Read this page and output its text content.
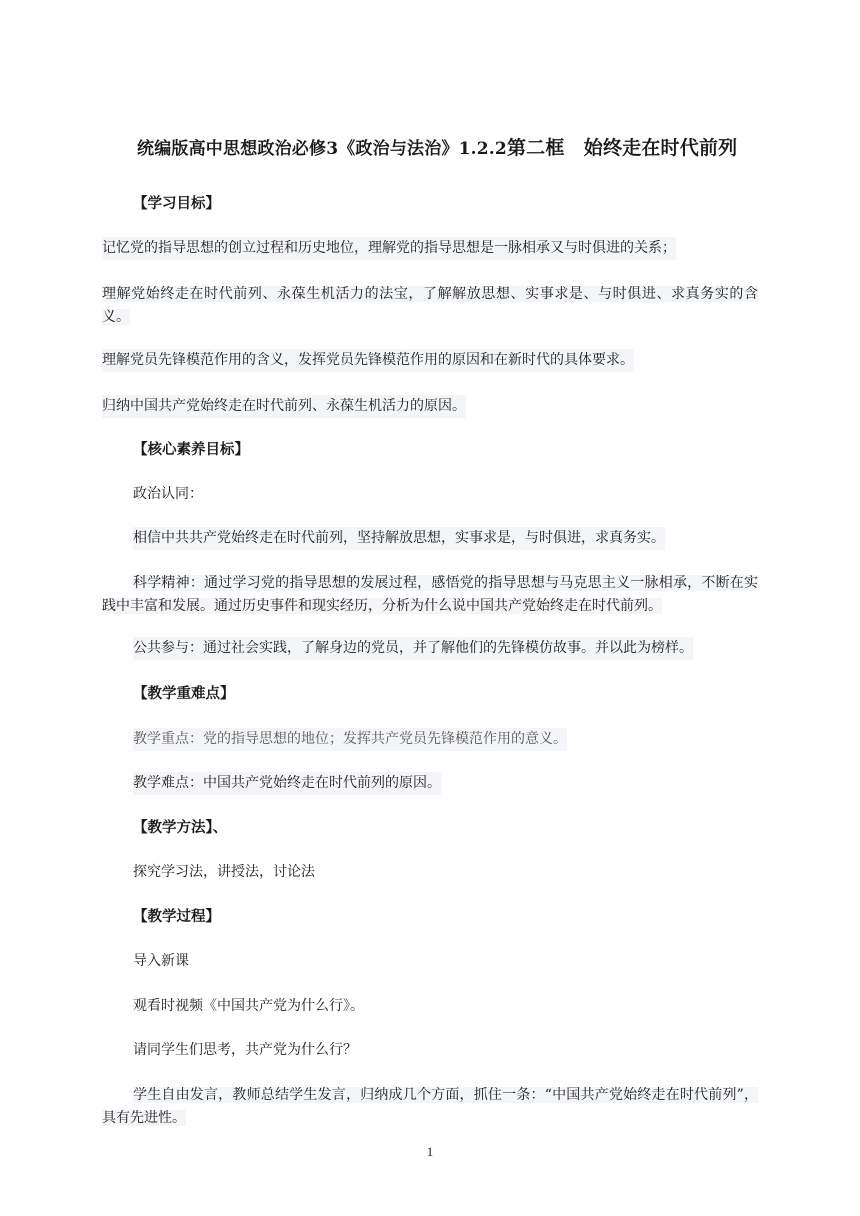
统编版高中思想政治必修3《政治与法治》1.2.2第二框　始终走在时代前列
【学习目标】
记忆党的指导思想的创立过程和历史地位，理解党的指导思想是一脉相承又与时俱进的关系；
理解党始终走在时代前列、永葆生机活力的法宝，了解解放思想、实事求是、与时俱进、求真务实的含义。
理解党员先锋模范作用的含义，发挥党员先锋模范作用的原因和在新时代的具体要求。
归纳中国共产党始终走在时代前列、永葆生机活力的原因。
【核心素养目标】
政治认同：
相信中共共产党始终走在时代前列，坚持解放思想，实事求是，与时俱进，求真务实。
科学精神：通过学习党的指导思想的发展过程，感悟党的指导思想与马克思主义一脉相承，不断在实践中丰富和发展。通过历史事件和现实经历，分析为什么说中国共产党始终走在时代前列。
公共参与：通过社会实践，了解身边的党员，并了解他们的先锋模仿故事。并以此为榜样。
【教学重难点】
教学重点：党的指导思想的地位；发挥共产党员先锋模范作用的意义。
教学难点：中国共产党始终走在时代前列的原因。
【教学方法】、
探究学习法，讲授法，讨论法
【教学过程】
导入新课
观看时视频《中国共产党为什么行》。
请同学生们思考，共产党为什么行？
学生自由发言，教师总结学生发言，归纳成几个方面，抓住一条：“中国共产党始终走在时代前列”，具有先进性。
1
